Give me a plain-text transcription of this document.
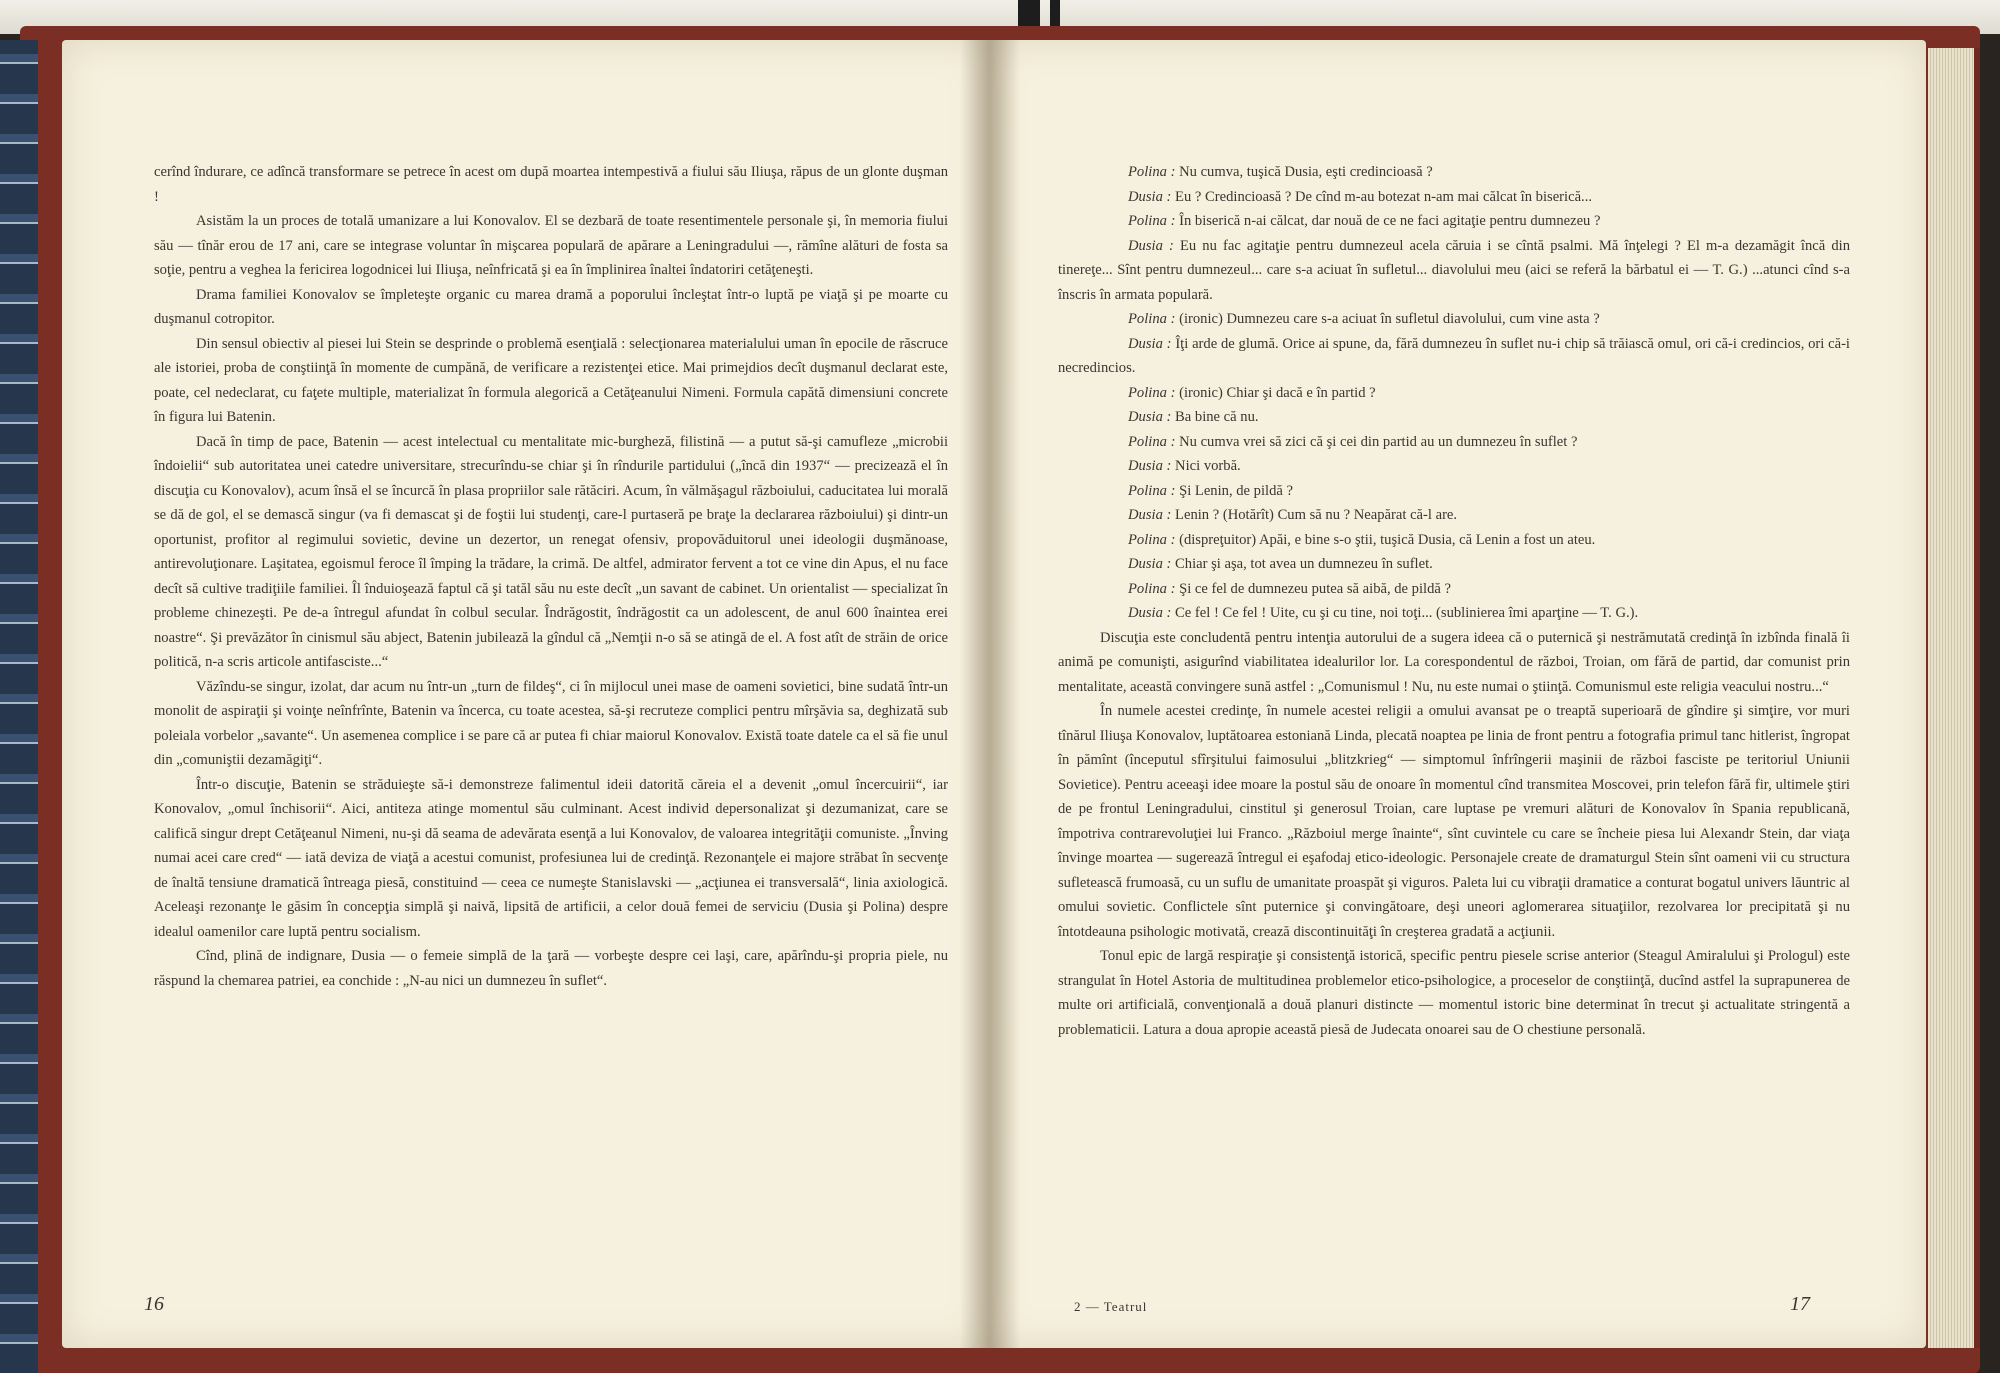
cerînd îndurare, ce adîncă transformare se petrece în acest om după moartea intempestivă a fiului său Iliuşa, răpus de un glonte duşman !

Asistăm la un proces de totală umanizare a lui Konovalov. El se dezbară de toate resentimentele personale şi, în memoria fiului său — tînăr erou de 17 ani, care se integrase voluntar în mişcarea populară de apărare a Leningradului —, rămîne alături de fosta sa soţie, pentru a veghea la fericirea logodnicei lui Iliuşa, neînfricată şi ea în împlinirea înaltei îndatoriri cetăţeneşti.

Drama familiei Konovalov se împleteşte organic cu marea dramă a poporului încleştat într-o luptă pe viaţă şi pe moarte cu duşmanul cotropitor.

Din sensul obiectiv al piesei lui Stein se desprinde o problemă esenţială : selecţionarea materialului uman în epocile de răscruce ale istoriei, proba de conştiinţă în momente de cumpănă, de verificare a rezistenţei etice. Mai primejdios decît duşmanul declarat este, poate, cel nedeclarat, cu faţete multiple, materializat în formula alegorică a Cetăţeanului Nimeni. Formula capătă dimensiuni concrete în figura lui Batenin.

Dacă în timp de pace, Batenin — acest intelectual cu mentalitate mic-burgheză, filistină — a putut să-şi camufleze „microbii îndoielii“ sub autoritatea unei catedre universitare, strecurîndu-se chiar şi în rîndurile partidului („încă din 1937“ — precizează el în discuţia cu Konovalov), acum însă el se încurcă în plasa propriilor sale rătăciri. Acum, în vălmăşagul războiului, caducitatea lui morală se dă de gol, el se demască singur (va fi demascat şi de foştii lui studenţi, care-l purtaseră pe braţe la declararea războiului) şi dintr-un oportunist, profitor al regimului sovietic, devine un dezertor, un renegat ofensiv, propovăduitorul unei ideologii duşmănoase, antirevoluţionare. Laşitatea, egoismul feroce îl împing la trădare, la crimă. De altfel, admirator fervent a tot ce vine din Apus, el nu face decît să cultive tradiţiile familiei. Îl înduioşează faptul că şi tatăl său nu este decît „un savant de cabinet. Un orientalist — specializat în probleme chinezeşti. Pe de-a întregul afundat în colbul secular. Îndrăgostit, îndrăgostit ca un adolescent, de anul 600 înaintea erei noastre“. Şi prevăzător în cinismul său abject, Batenin jubilează la gîndul că „Nemţii n-o să se atingă de el. A fost atît de străin de orice politică, n-a scris articole antifasciste...“

Văzîndu-se singur, izolat, dar acum nu într-un „turn de fildeş“, ci în mijlocul unei mase de oameni sovietici, bine sudată într-un monolit de aspiraţii şi voinţe neînfrînte, Batenin va încerca, cu toate acestea, să-şi recruteze complici pentru mîrşăvia sa, deghizată sub poleiala vorbelor „savante“. Un asemenea complice i se pare că ar putea fi chiar maiorul Konovalov. Există toate datele ca el să fie unul din „comuniştii dezamăgiţi“.

Într-o discuţie, Batenin se străduieşte să-i demonstreze falimentul ideii datorită căreia el a devenit „omul încercuirii“, iar Konovalov, „omul închisorii“. Aici, antiteza atinge momentul său culminant. Acest individ depersonalizat şi dezumanizat, care se califică singur drept Cetăţeanul Nimeni, nu-şi dă seama de adevărata esenţă a lui Konovalov, de valoarea integrităţii comuniste. „Înving numai acei care cred“ — iată deviza de viaţă a acestui comunist, profesiunea lui de credinţă. Rezonanţele ei majore străbat în secvenţe de înaltă tensiune dramatică întreaga piesă, constituind — ceea ce numeşte Stanislavski — „acţiunea ei transversală“, linia axiologică. Aceleaşi rezonanţe le găsim în concepţia simplă şi naivă, lipsită de artificii, a celor două femei de serviciu (Dusia şi Polina) despre idealul oamenilor care luptă pentru socialism.

Cînd, plină de indignare, Dusia — o femeie simplă de la ţară — vorbeşte despre cei laşi, care, apărîndu-şi propria piele, nu răspund la chemarea patriei, ea conchide : „N-au nici un dumnezeu în suflet“.

16

Polina : Nu cumva, tuşică Dusia, eşti credincioasă ?

Dusia : Eu ? Credincioasă ? De cînd m-au botezat n-am mai călcat în biserică...

Polina : În biserică n-ai călcat, dar nouă de ce ne faci agitaţie pentru dumnezeu ?

Dusia : Eu nu fac agitaţie pentru dumnezeul acela căruia i se cîntă psalmi. Mă înţelegi ? El m-a dezamăgit încă din tinereţe... Sînt pentru dumnezeul... care s-a aciuat în sufletul... diavolului meu (aici se referă la bărbatul ei — T. G.) ...atunci cînd s-a înscris în armata populară.

Polina : (ironic) Dumnezeu care s-a aciuat în sufletul diavolului, cum vine asta ?

Dusia : Îţi arde de glumă. Orice ai spune, da, fără dumnezeu în suflet nu-i chip să trăiască omul, ori că-i credincios, ori că-i necredincios.

Polina : (ironic) Chiar şi dacă e în partid ?

Dusia : Ba bine că nu.

Polina : Nu cumva vrei să zici că şi cei din partid au un dumnezeu în suflet ?

Dusia : Nici vorbă.

Polina : Şi Lenin, de pildă ?

Dusia : Lenin ? (Hotărît) Cum să nu ? Neapărat că-l are.

Polina : (dispreţuitor) Apăi, e bine s-o ştii, tuşică Dusia, că Lenin a fost un ateu.

Dusia : Chiar şi aşa, tot avea un dumnezeu în suflet.

Polina : Şi ce fel de dumnezeu putea să aibă, de pildă ?

Dusia : Ce fel ! Ce fel ! Uite, cu şi cu tine, noi toţi... (sublinierea îmi aparţine — T. G.).

Discuţia este concludentă pentru intenţia autorului de a sugera ideea că o puternică şi nestrămutată credinţă în izbînda finală îi animă pe comunişti, asigurînd viabilitatea idealurilor lor. La corespondentul de război, Troian, om fără de partid, dar comunist prin mentalitate, această convingere sună astfel : „Comunismul ! Nu, nu este numai o ştiinţă. Comunismul este religia veacului nostru...“

În numele acestei credinţe, în numele acestei religii a omului avansat pe o treaptă superioară de gîndire şi simţire, vor muri tînărul Iliuşa Konovalov, luptătoarea estoniană Linda, plecată noaptea pe linia de front pentru a fotografia primul tanc hitlerist, îngropat în pămînt (începutul sfîrşitului faimosului „blitzkrieg“ — simptomul înfrîngerii maşinii de război fasciste pe teritoriul Uniunii Sovietice). Pentru aceeaşi idee moare la postul său de onoare în momentul cînd transmitea Moscovei, prin telefon fără fir, ultimele ştiri de pe frontul Leningradului, cinstitul şi generosul Troian, care luptase pe vremuri alături de Konovalov în Spania republicană, împotriva contrarevoluţiei lui Franco. „Războiul merge înainte“, sînt cuvintele cu care se încheie piesa lui Alexandr Stein, dar viaţa învinge moartea — sugerează întregul ei eşafodaj etico-ideologic. Personajele create de dramaturgul Stein sînt oameni vii cu structura sufletească frumoasă, cu un suflu de umanitate proaspăt şi viguros. Paleta lui cu vibraţii dramatice a conturat bogatul univers lăuntric al omului sovietic. Conflictele sînt puternice şi convingătoare, deşi uneori aglomerarea situaţiilor, rezolvarea lor precipitată şi nu întotdeauna psihologic motivată, crează discontinuităţi în creşterea gradată a acţiunii.

Tonul epic de largă respiraţie şi consistenţă istorică, specific pentru piesele scrise anterior (Steagul Amiralului şi Prologul) este strangulat în Hotel Astoria de multitudinea problemelor etico-psihologice, a proceselor de conştiinţă, ducînd astfel la suprapunerea de multe ori artificială, convenţională a două planuri distincte — momentul istoric bine determinat în trecut şi actualitate stringentă a problematicii. Latura a doua apropie această piesă de Judecata onoarei sau de O chestiune personală.

2 — Teatrul	17
